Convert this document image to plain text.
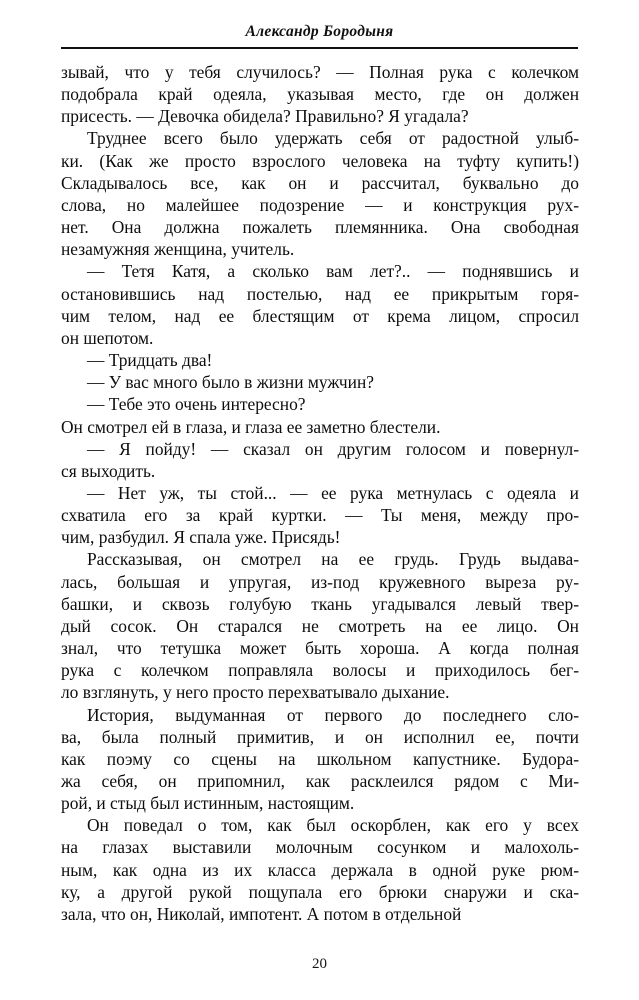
Александр Бородыня

зывай, что у тебя случилось? — Полная рука с колечком
подобрала край одеяла, указывая место, где он должен
присесть. — Девочка обидела? Правильно? Я угадала?

Труднее всего было удержать себя от радостной улыб-
ки. (Как же просто взрослого человека на туфту купить!)
Складывалось все, как он и рассчитал, буквально до
слова, но малейшее подозрение — и конструкция рух-
нет. Она должна пожалеть племянника. Она свободная
незамужняя женщина, учитель.

— Тетя Катя, а сколько вам лет?.. — поднявшись и
остановившись над постелью, над ее прикрытым горя-
чим телом, над ее блестящим от крема лицом, спросил
он шепотом.

— Тридцать два!

— У вас много было в жизни мужчин?

— Тебе это очень интересно?

Он смотрел ей в глаза, и глаза ее заметно блестели.

— Я пойду! — сказал он другим голосом и повернул-
ся выходить.

— Нет уж, ты стой... — ее рука метнулась с одеяла и
схватила его за край куртки. — Ты меня, между про-
чим, разбудил. Я спала уже. Присядь!

Рассказывая, он смотрел на ее грудь. Грудь выдава-
лась, большая и упругая, из-под кружевного выреза ру-
башки, и сквозь голубую ткань угадывался левый твер-
дый сосок. Он старался не смотреть на ее лицо. Он
знал, что тетушка может быть хороша. А когда полная
рука с колечком поправляла волосы и приходилось бег-
ло взглянуть, у него просто перехватывало дыхание.

История, выдуманная от первого до последнего сло-
ва, была полный примитив, и он исполнил ее, почти
как поэму со сцены на школьном капустнике. Будора-
жа себя, он припомнил, как расклеился рядом с Ми-
рой, и стыд был истинным, настоящим.

Он поведал о том, как был оскорблен, как его у всех
на глазах выставили молочным сосунком и малохоль-
ным, как одна из их класса держала в одной руке рюм-
ку, а другой рукой пощупала его брюки снаружи и ска-
зала, что он, Николай, импотент. А потом в отдельной

20
